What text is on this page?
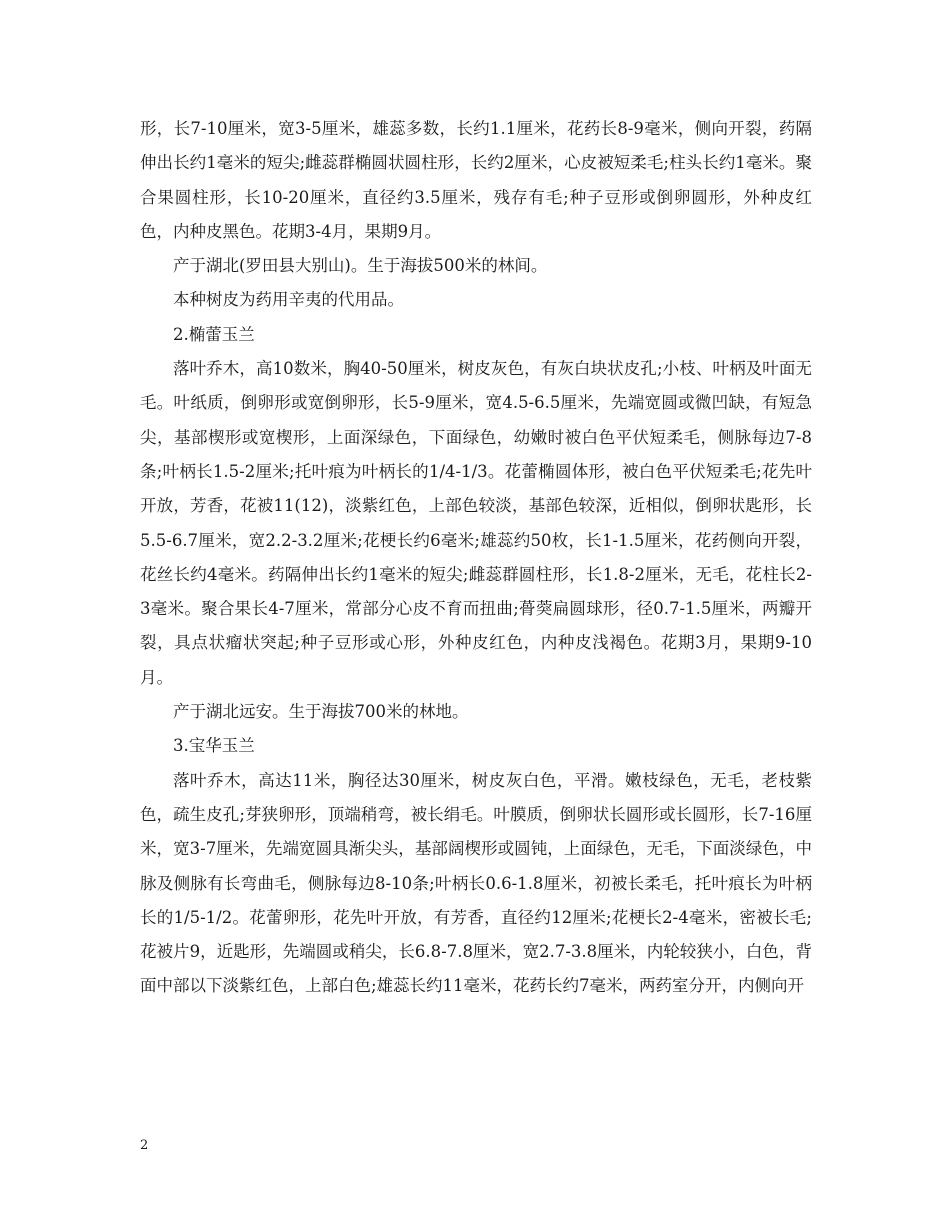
形，长7-10厘米，宽3-5厘米，雄蕊多数，长约1.1厘米，花药长8-9毫米，侧向开裂，药隔伸出长约1毫米的短尖;雌蕊群椭圆状圆柱形，长约2厘米，心皮被短柔毛;柱头长约1毫米。聚合果圆柱形，长10-20厘米，直径约3.5厘米，残存有毛;种子豆形或倒卵圆形，外种皮红色，内种皮黑色。花期3-4月，果期9月。

产于湖北(罗田县大别山)。生于海拔500米的林间。

本种树皮为药用辛夷的代用品。

2.椭蕾玉兰

落叶乔木，高10数米，胸40-50厘米，树皮灰色，有灰白块状皮孔;小枝、叶柄及叶面无毛。叶纸质，倒卵形或宽倒卵形，长5-9厘米，宽4.5-6.5厘米，先端宽圆或微凹缺，有短急尖，基部楔形或宽楔形，上面深绿色，下面绿色，幼嫩时被白色平伏短柔毛，侧脉每边7-8条;叶柄长1.5-2厘米;托叶痕为叶柄长的1/4-1/3。花蕾椭圆体形，被白色平伏短柔毛;花先叶开放，芳香，花被11(12)，淡紫红色，上部色较淡，基部色较深，近相似，倒卵状匙形，长5.5-6.7厘米，宽2.2-3.2厘米;花梗长约6毫米;雄蕊约50枚，长1-1.5厘米，花药侧向开裂，花丝长约4毫米。药隔伸出长约1毫米的短尖;雌蕊群圆柱形，长1.8-2厘米，无毛，花柱长2-3毫米。聚合果长4-7厘米，常部分心皮不育而扭曲;蓇葖扁圆球形，径0.7-1.5厘米，两瓣开裂，具点状瘤状突起;种子豆形或心形，外种皮红色，内种皮浅褐色。花期3月，果期9-10月。

产于湖北远安。生于海拔700米的林地。

3.宝华玉兰

落叶乔木，高达11米，胸径达30厘米，树皮灰白色，平滑。嫩枝绿色，无毛，老枝紫色，疏生皮孔;芽狭卵形，顶端稍弯，被长绢毛。叶膜质，倒卵状长圆形或长圆形，长7-16厘米，宽3-7厘米，先端宽圆具渐尖头，基部阔楔形或圆钝，上面绿色，无毛，下面淡绿色，中脉及侧脉有长弯曲毛，侧脉每边8-10条;叶柄长0.6-1.8厘米，初被长柔毛，托叶痕长为叶柄长的1/5-1/2。花蕾卵形，花先叶开放，有芳香，直径约12厘米;花梗长2-4毫米，密被长毛;花被片9，近匙形，先端圆或稍尖，长6.8-7.8厘米，宽2.7-3.8厘米，内轮较狭小，白色，背面中部以下淡紫红色，上部白色;雄蕊长约11毫米，花药长约7毫米，两药室分开，内侧向开

2
